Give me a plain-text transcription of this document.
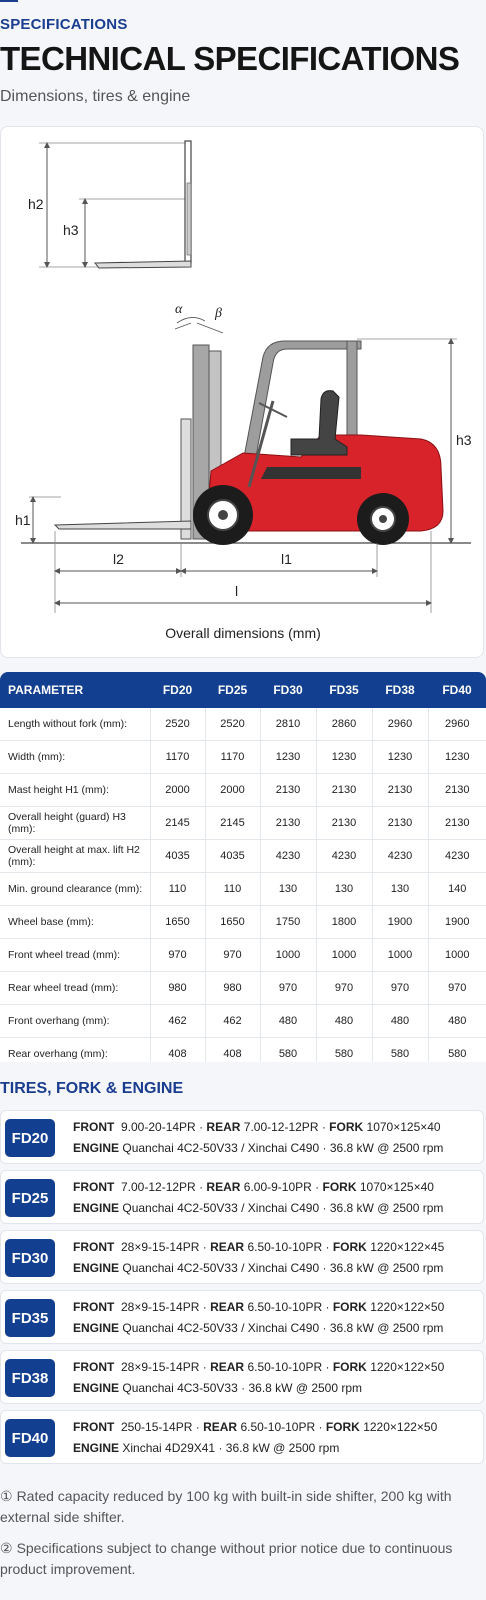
SPECIFICATIONS
TECHNICAL SPECIFICATIONS
Dimensions, tires & engine
h2
h3
h1
h3
α β
l2	l1
l
Overall dimensions (mm)
PARAMETER	FD20	FD25	FD30	FD35	FD38	FD40
Length without fork (mm):	2520	2520	2810	2860	2960	2960
Width (mm):	1170	1170	1230	1230	1230	1230
Mast height H1 (mm):	2000	2000	2130	2130	2130	2130
Overall height (guard) H3 (mm):	2145	2145	2130	2130	2130	2130
Overall height at max. lift H2 (mm):	4035	4035	4230	4230	4230	4230
Min. ground clearance (mm):	110	110	130	130	130	140
Wheel base (mm):	1650	1650	1750	1800	1900	1900
Front wheel tread (mm):	970	970	1000	1000	1000	1000
Rear wheel tread (mm):	980	980	970	970	970	970
Front overhang (mm):	462	462	480	480	480	480
Rear overhang (mm):	408	408	580	580	580	580
TIRES, FORK & ENGINE
FD20
FRONT 9.00-20-14PR · REAR 7.00-12-12PR · FORK 1070×125×40
ENGINE Quanchai 4C2-50V33 / Xinchai C490 · 36.8 kW @ 2500 rpm
FD25
FRONT 7.00-12-12PR · REAR 6.00-9-10PR · FORK 1070×125×40
ENGINE Quanchai 4C2-50V33 / Xinchai C490 · 36.8 kW @ 2500 rpm
FD30
FRONT 28×9-15-14PR · REAR 6.50-10-10PR · FORK 1220×122×45
ENGINE Quanchai 4C2-50V33 / Xinchai C490 · 36.8 kW @ 2500 rpm
FD35
FRONT 28×9-15-14PR · REAR 6.50-10-10PR · FORK 1220×122×50
ENGINE Quanchai 4C2-50V33 / Xinchai C490 · 36.8 kW @ 2500 rpm
FD38
FRONT 28×9-15-14PR · REAR 6.50-10-10PR · FORK 1220×122×50
ENGINE Quanchai 4C3-50V33 · 36.8 kW @ 2500 rpm
FD40
FRONT 250-15-14PR · REAR 6.50-10-10PR · FORK 1220×122×50
ENGINE Xinchai 4D29X41 · 36.8 kW @ 2500 rpm
① Rated capacity reduced by 100 kg with built-in side shifter, 200 kg with external side shifter.
② Specifications subject to change without prior notice due to continuous product improvement.
